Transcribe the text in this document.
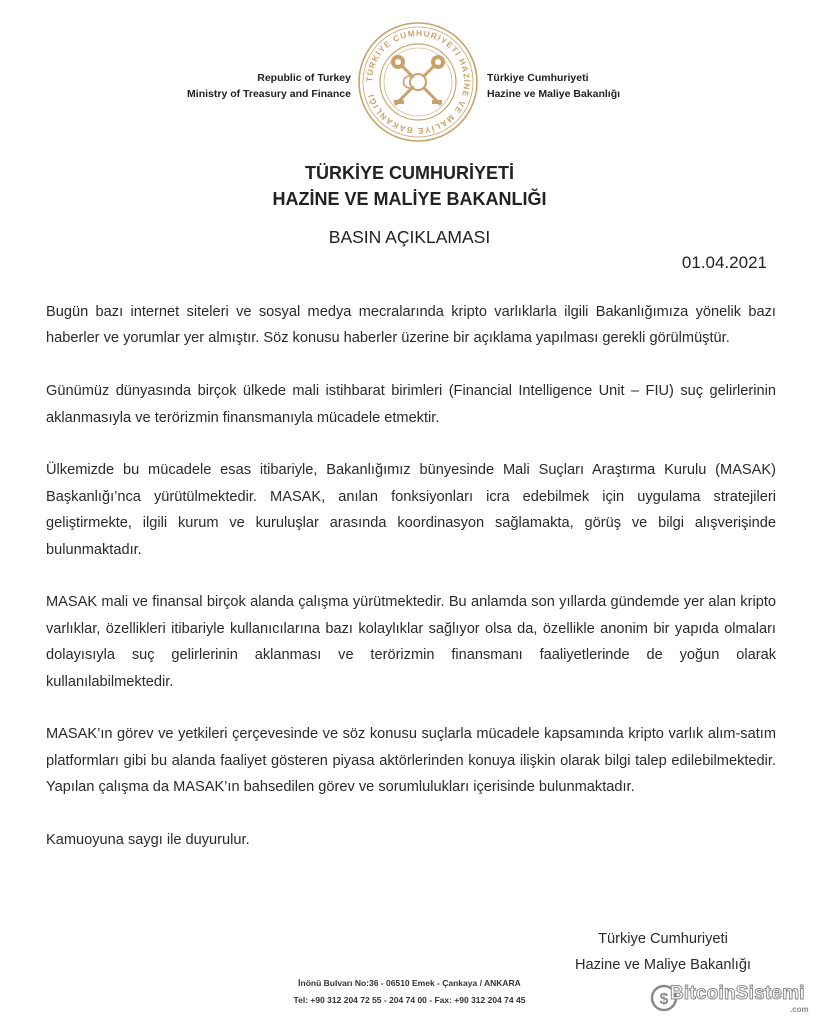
Republic of Turkey
Ministry of Treasury and Finance
TÜRKİYE CUMHURİYETİ HAZİNE VE MALİYE BAKANLIĞI
Türkiye Cumhuriyeti
Hazine ve Maliye Bakanlığı
TÜRKİYE CUMHURİYETİ
HAZİNE VE MALİYE BAKANLIĞI
BASIN AÇIKLAMASI
01.04.2021

Bugün bazı internet siteleri ve sosyal medya mecralarında kripto varlıklarla ilgili Bakanlığımıza yönelik bazı haberler ve yorumlar yer almıştır. Söz konusu haberler üzerine bir açıklama yapılması gerekli görülmüştür.

Günümüz dünyasında birçok ülkede mali istihbarat birimleri (Financial Intelligence Unit – FIU) suç gelirlerinin aklanmasıyla ve terörizmin finansmanıyla mücadele etmektir.

Ülkemizde bu mücadele esas itibariyle, Bakanlığımız bünyesinde Mali Suçları Araştırma Kurulu (MASAK) Başkanlığı’nca yürütülmektedir. MASAK, anılan fonksiyonları icra edebilmek için uygulama stratejileri geliştirmekte, ilgili kurum ve kuruluşlar arasında koordinasyon sağlamakta, görüş ve bilgi alışverişinde bulunmaktadır.

MASAK mali ve finansal birçok alanda çalışma yürütmektedir. Bu anlamda son yıllarda gündemde yer alan kripto varlıklar, özellikleri itibariyle kullanıcılarına bazı kolaylıklar sağlıyor olsa da, özellikle anonim bir yapıda olmaları dolayısıyla suç gelirlerinin aklanması ve terörizmin finansmanı faaliyetlerinde de yoğun olarak kullanılabilmektedir.

MASAK’ın görev ve yetkileri çerçevesinde ve söz konusu suçlarla mücadele kapsamında kripto varlık alım-satım platformları gibi bu alanda faaliyet gösteren piyasa aktörlerinden konuya ilişkin olarak bilgi talep edilebilmektedir. Yapılan çalışma da MASAK’ın bahsedilen görev ve sorumlulukları içerisinde bulunmaktadır.

Kamuoyuna saygı ile duyurulur.

Türkiye Cumhuriyeti
Hazine ve Maliye Bakanlığı
İnönü Bulvarı No:36 - 06510 Emek - Çankaya / ANKARA
Tel: +90 312 204 72 55 - 204 74 00 - Fax: +90 312 204 74 45	$ BitcoinSistemi
.com
